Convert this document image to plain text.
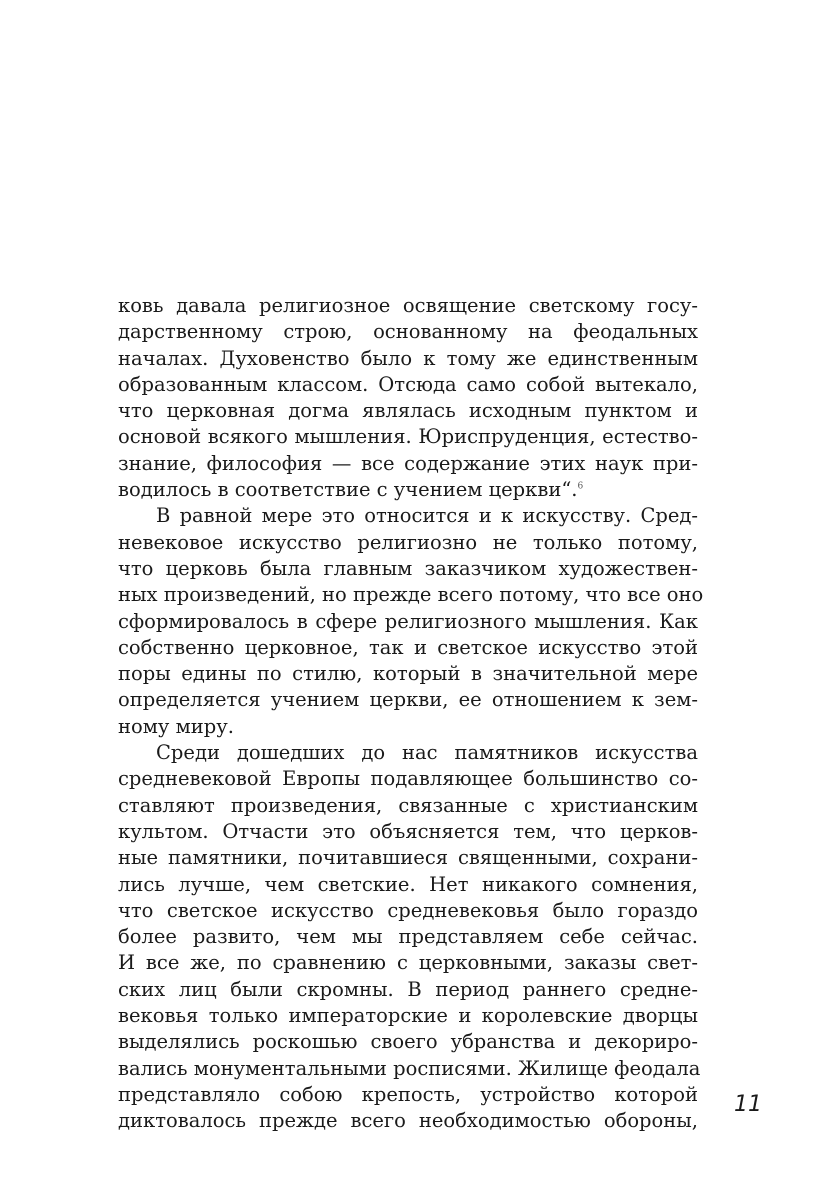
ковь давала религиозное освящение светскому госу-
дарственному строю, основанному на феодальных
началах. Духовенство было к тому же единственным
образованным классом. Отсюда само собой вытекало,
что церковная догма являлась исходным пунктом и
основой всякого мышления. Юриспруденция, естество-
знание, философия — все содержание этих наук при-
водилось в соответствие с учением церкви“.$^6$
В равной мере это относится и к искусству. Сред-
невековое искусство религиозно не только потому,
что церковь была главным заказчиком художествен-
ных произведений, но прежде всего потому, что все оно
сформировалось в сфере религиозного мышления. Как
собственно церковное, так и светское искусство этой
поры едины по стилю, который в значительной мере
определяется учением церкви, ее отношением к зем-
ному миру.
Среди дошедших до нас памятников искусства
средневековой Европы подавляющее большинство со-
ставляют произведения, связанные с христианским
культом. Отчасти это объясняется тем, что церков-
ные памятники, почитавшиеся священными, сохрани-
лись лучше, чем светские. Нет никакого сомнения,
что светское искусство средневековья было гораздо
более развито, чем мы представляем себе сейчас.
И все же, по сравнению с церковными, заказы свет-
ских лиц были скромны. В период раннего средне-
вековья только императорские и королевские дворцы
выделялись роскошью своего убранства и декориро-
вались монументальными росписями. Жилище феодала
представляло собою крепость, устройство которой
диктовалось прежде всего необходимостью обороны,
11
